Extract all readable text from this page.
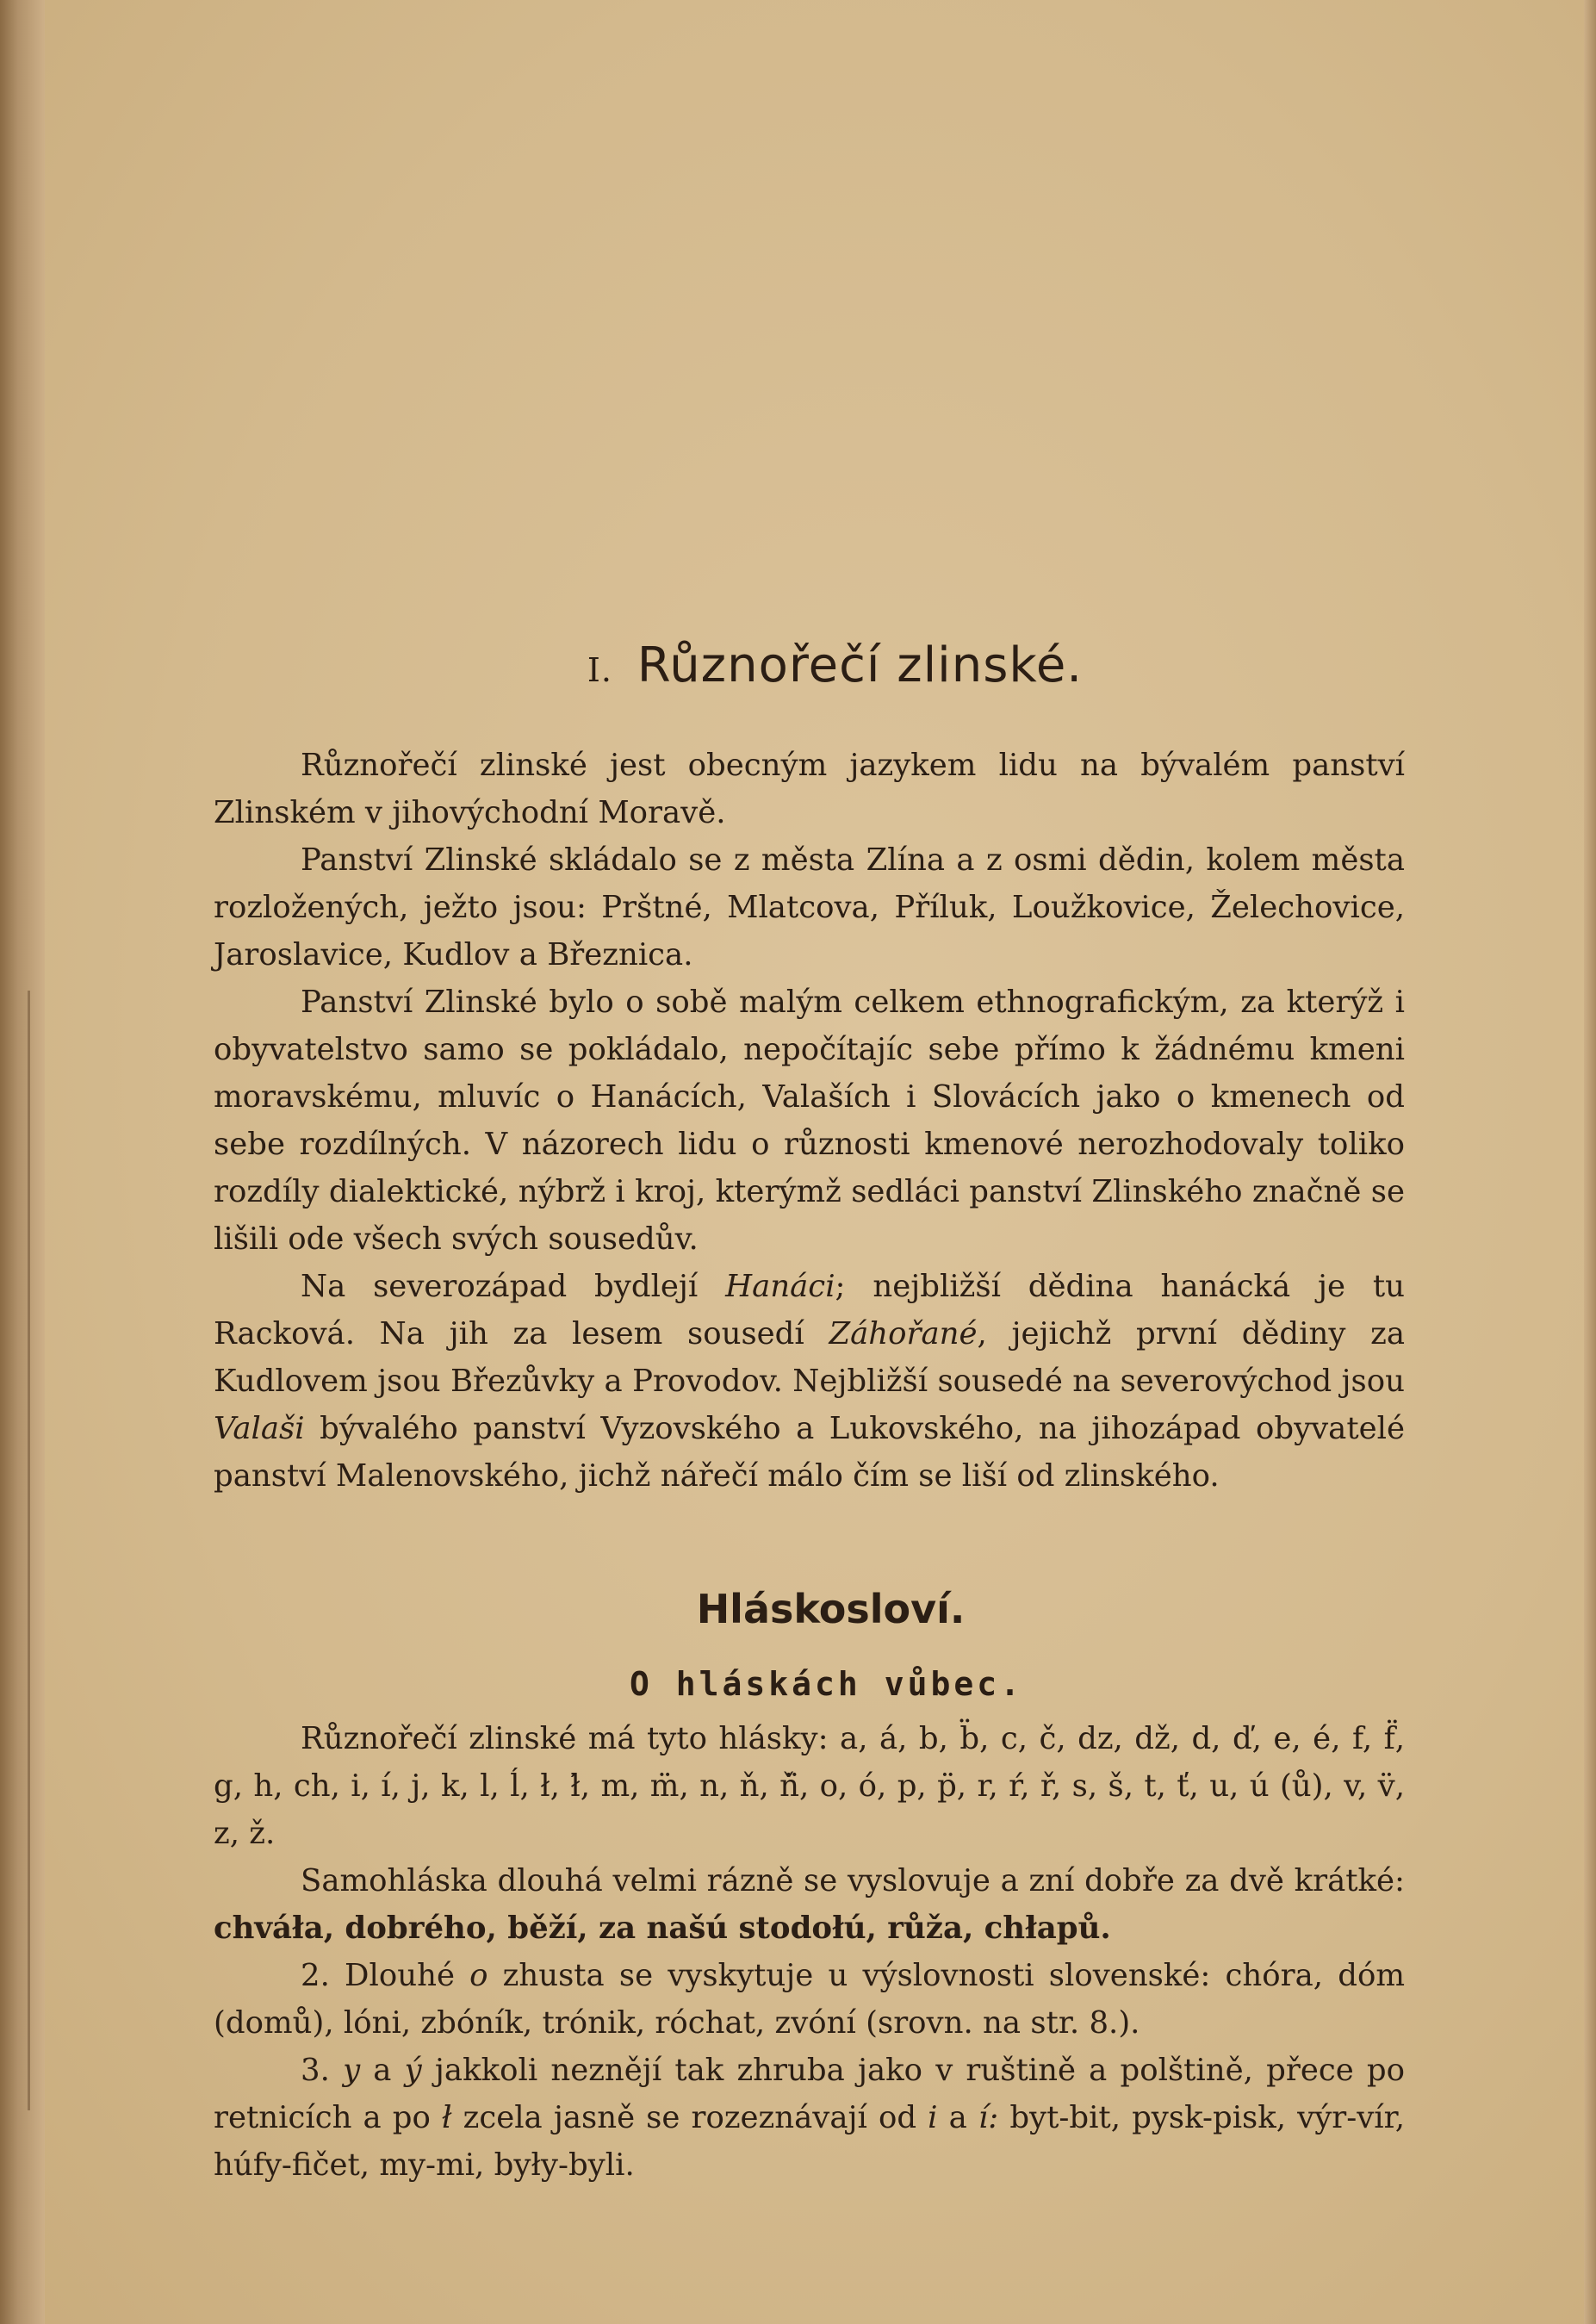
I. Různořečí zlinské.

Různořečí zlinské jest obecným jazykem lidu na bývalém panství Zlinském v jihovýchodní Moravě.

Panství Zlinské skládalo se z města Zlína a z osmi dědin, kolem města rozložených, ježto jsou: Prštné, Mlatcova, Příluk, Loužkovice, Želechovice, Jaroslavice, Kudlov a Březnica.

Panství Zlinské bylo o sobě malým celkem ethnografickým, za kterýž i obyvatelstvo samo se pokládalo, nepočítajíc sebe přímo k žádnému kmeni moravskému, mluvíc o Hanácích, Valaších i Slovácích jako o kmenech od sebe rozdílných. V názorech lidu o různosti kmenové nerozhodovaly toliko rozdíly dialektické, nýbrž i kroj, kterýmž sedláci panství Zlinského značně se lišili ode všech svých sousedův.

Na severozápad bydlejí Hanáci; nejbližší dědina hanácká je tu Racková. Na jih za lesem sousedí Záhořané, jejichž první dědiny za Kudlovem jsou Březůvky a Provodov. Nejbližší sousedé na severovýchod jsou Valaši bývalého panství Vyzovského a Lukovského, na jihozápad obyvatelé panství Malenovského, jichž nářečí málo čím se liší od zlinského.

Hláskosloví.
O hláskách vůbec.

Různořečí zlinské má tyto hlásky: a, á, b, b̈, c, č, dz, dž, d, ď, e, é, f, f̈, g, h, ch, i, í, j, k, l, ĺ, ł, ł́, m, m̈, n, ň, ň̈, o, ó, p, p̈, r, ŕ, ř, s, š, t, ť, u, ú (ů), v, v̈, z, ž.

Samohláska dlouhá velmi rázně se vyslovuje a zní dobře za dvě krátké: chváła, dobrého, běží, za našú stodołú, růža, chłapů.

2. Dlouhé o zhusta se vyskytuje u výslovnosti slovenské: chóra, dóm (domů), lóni, zbóník, trónik, róchat, zvóní (srovn. na str. 8.).

3. y a ý jakkoli neznějí tak zhruba jako v ruštině a polštině, přece po retnicích a po ł zcela jasně se rozeznávají od i a í: byt-bit, pysk-pisk, výr-vír, húfy-fičet, my-mi, były-byli.
